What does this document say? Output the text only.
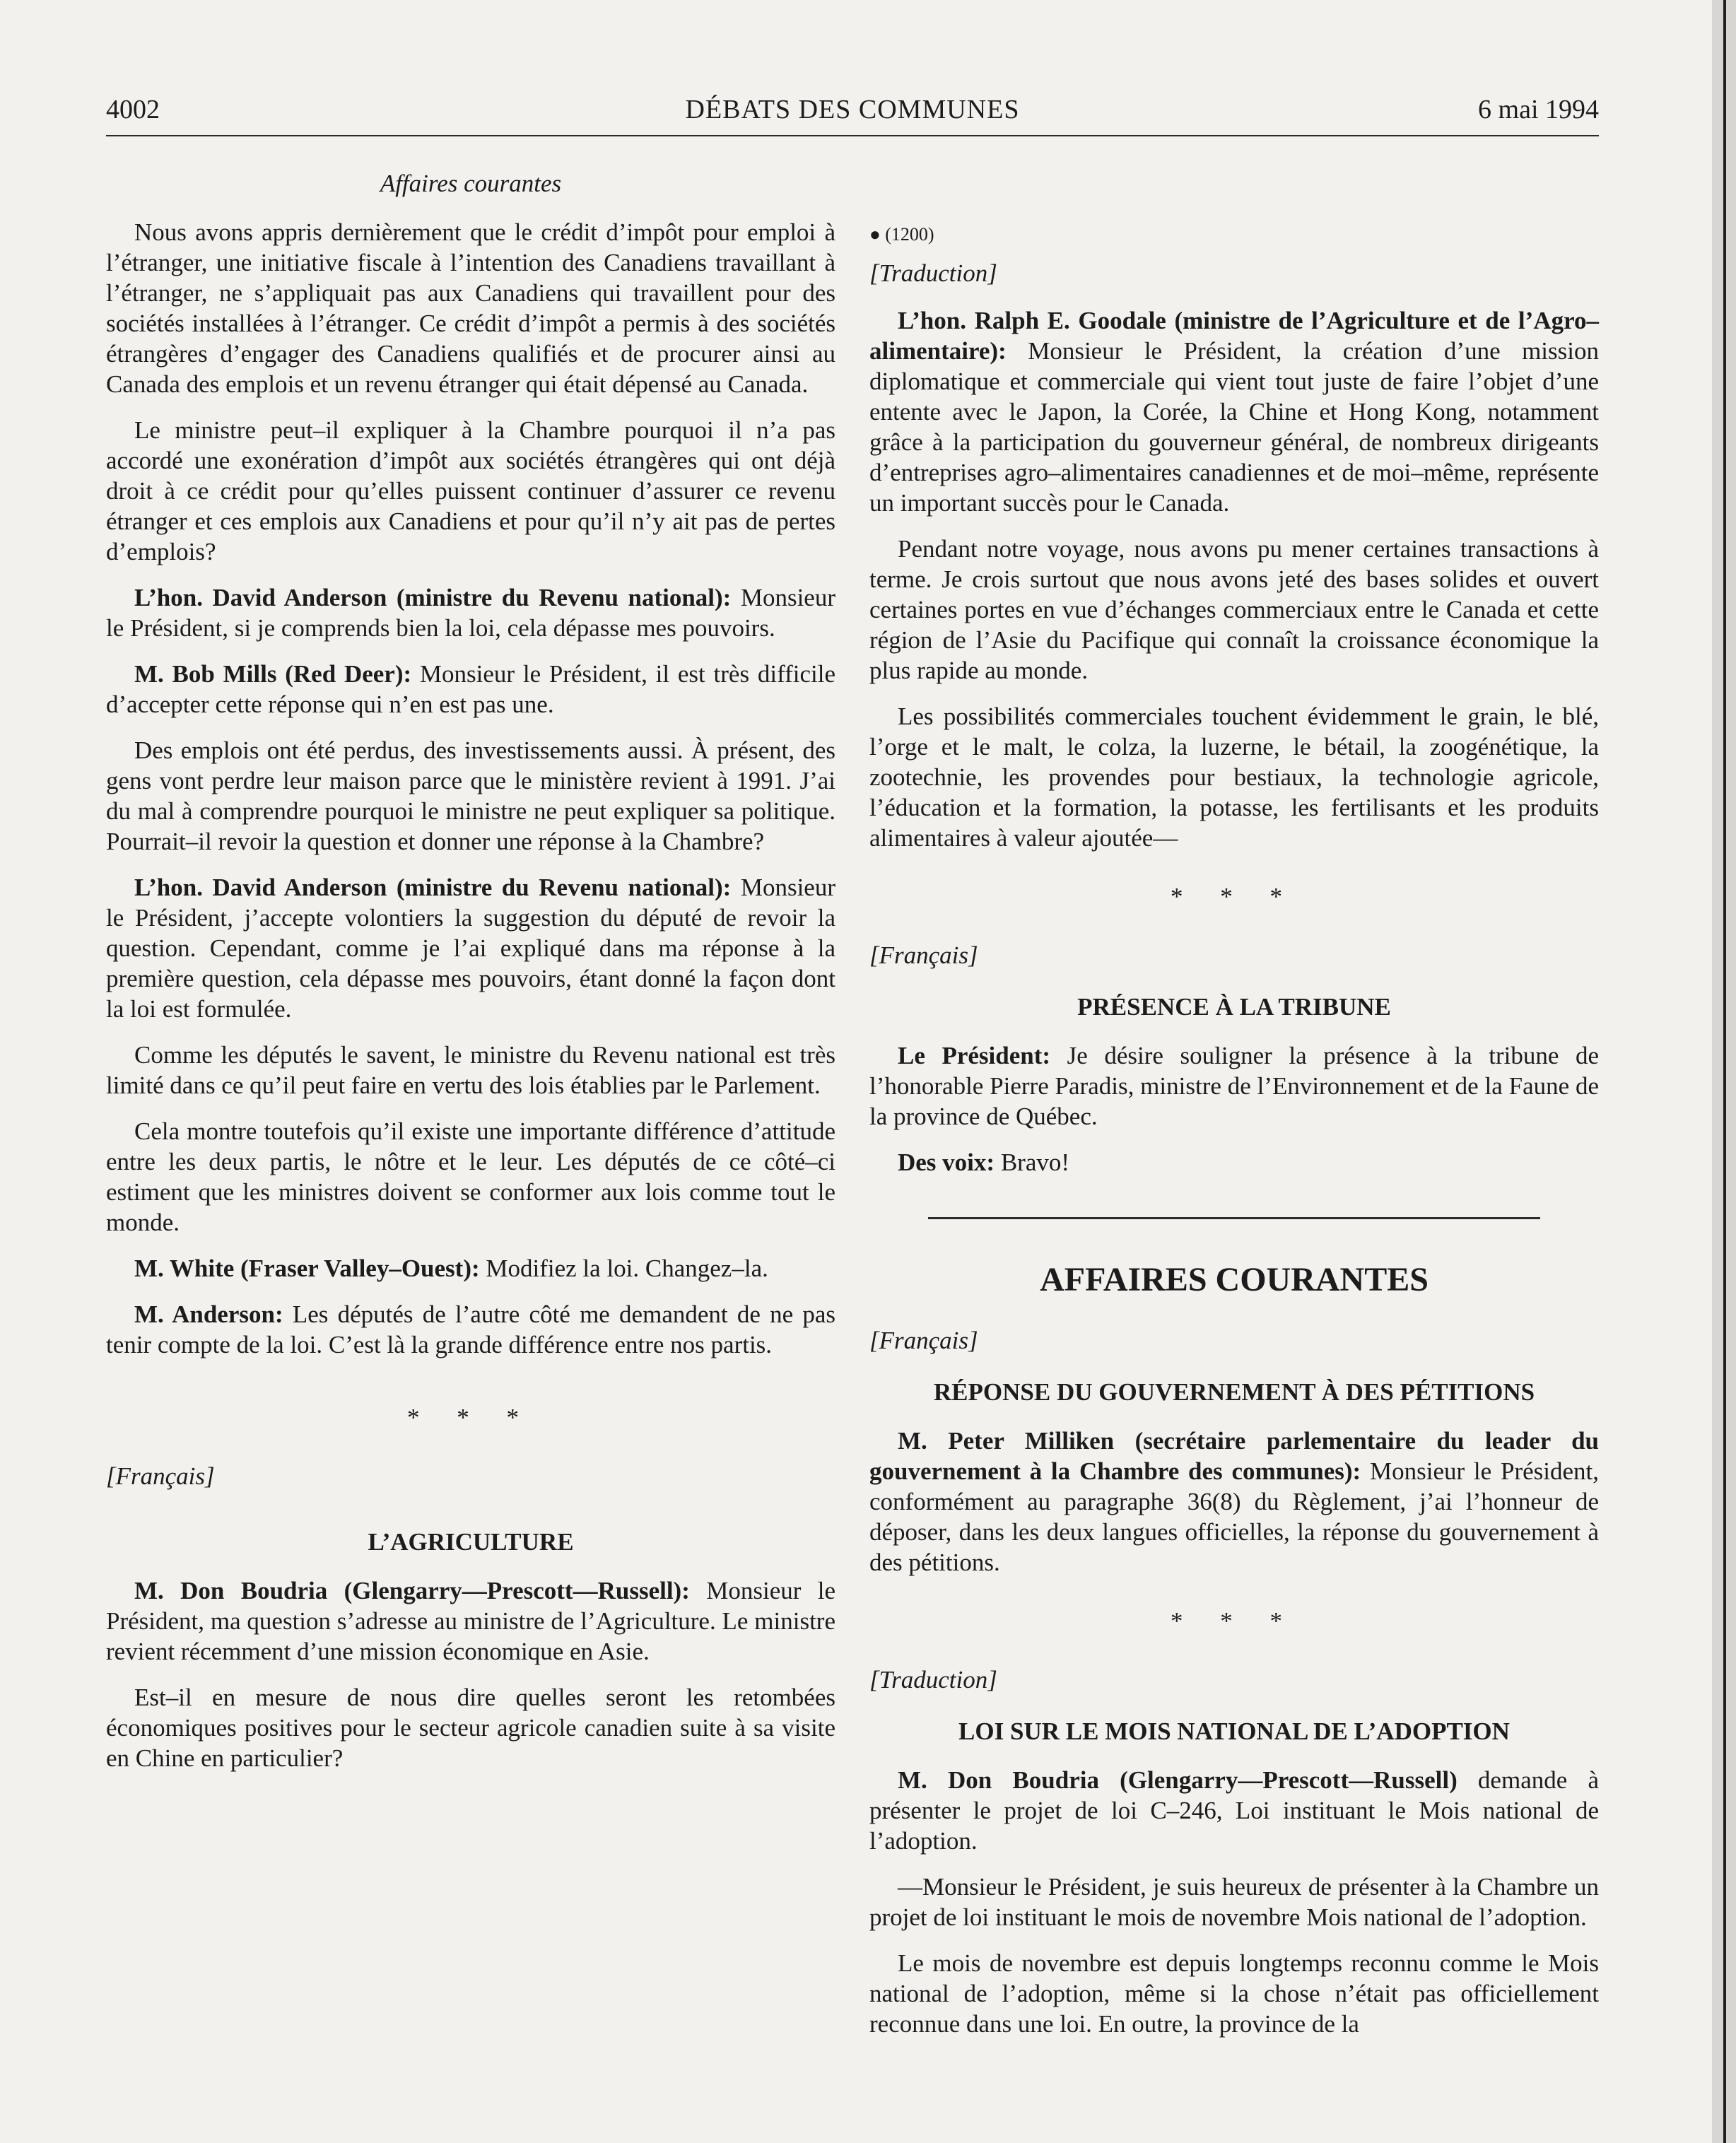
4002	DÉBATS DES COMMUNES	6 mai 1994
Affaires courantes

Nous avons appris dernièrement que le crédit d’impôt pour emploi à l’étranger, une initiative fiscale à l’intention des Canadiens travaillant à l’étranger, ne s’appliquait pas aux Canadiens qui travaillent pour des sociétés installées à l’étranger. Ce crédit d’impôt a permis à des sociétés étrangères d’engager des Canadiens qualifiés et de procurer ainsi au Canada des emplois et un revenu étranger qui était dépensé au Canada.

Le ministre peut–il expliquer à la Chambre pourquoi il n’a pas accordé une exonération d’impôt aux sociétés étrangères qui ont déjà droit à ce crédit pour qu’elles puissent continuer d’assurer ce revenu étranger et ces emplois aux Canadiens et pour qu’il n’y ait pas de pertes d’emplois?

L’hon. David Anderson (ministre du Revenu national): Monsieur le Président, si je comprends bien la loi, cela dépasse mes pouvoirs.

M. Bob Mills (Red Deer): Monsieur le Président, il est très difficile d’accepter cette réponse qui n’en est pas une.

Des emplois ont été perdus, des investissements aussi. À présent, des gens vont perdre leur maison parce que le ministère revient à 1991. J’ai du mal à comprendre pourquoi le ministre ne peut expliquer sa politique. Pourrait–il revoir la question et donner une réponse à la Chambre?

L’hon. David Anderson (ministre du Revenu national): Monsieur le Président, j’accepte volontiers la suggestion du député de revoir la question. Cependant, comme je l’ai expliqué dans ma réponse à la première question, cela dépasse mes pouvoirs, étant donné la façon dont la loi est formulée.

Comme les députés le savent, le ministre du Revenu national est très limité dans ce qu’il peut faire en vertu des lois établies par le Parlement.

Cela montre toutefois qu’il existe une importante différence d’attitude entre les deux partis, le nôtre et le leur. Les députés de ce côté–ci estiment que les ministres doivent se conformer aux lois comme tout le monde.

M. White (Fraser Valley–Ouest): Modifiez la loi. Changez–la.

M. Anderson: Les députés de l’autre côté me demandent de ne pas tenir compte de la loi. C’est là la grande différence entre nos partis.

* * *
[Français]
L’AGRICULTURE

M. Don Boudria (Glengarry—Prescott—Russell): Monsieur le Président, ma question s’adresse au ministre de l’Agriculture. Le ministre revient récemment d’une mission économique en Asie.

Est–il en mesure de nous dire quelles seront les retombées économiques positives pour le secteur agricole canadien suite à sa visite en Chine en particulier?

● (1200)
[Traduction]

L’hon. Ralph E. Goodale (ministre de l’Agriculture et de l’Agro–alimentaire): Monsieur le Président, la création d’une mission diplomatique et commerciale qui vient tout juste de faire l’objet d’une entente avec le Japon, la Corée, la Chine et Hong Kong, notamment grâce à la participation du gouverneur général, de nombreux dirigeants d’entreprises agro–alimentaires canadiennes et de moi–même, représente un important succès pour le Canada.

Pendant notre voyage, nous avons pu mener certaines transactions à terme. Je crois surtout que nous avons jeté des bases solides et ouvert certaines portes en vue d’échanges commerciaux entre le Canada et cette région de l’Asie du Pacifique qui connaît la croissance économique la plus rapide au monde.

Les possibilités commerciales touchent évidemment le grain, le blé, l’orge et le malt, le colza, la luzerne, le bétail, la zoogénétique, la zootechnie, les provendes pour bestiaux, la technologie agricole, l’éducation et la formation, la potasse, les fertilisants et les produits alimentaires à valeur ajoutée—

* * *
[Français]
PRÉSENCE À LA TRIBUNE

Le Président: Je désire souligner la présence à la tribune de l’honorable Pierre Paradis, ministre de l’Environnement et de la Faune de la province de Québec.

Des voix: Bravo!

AFFAIRES COURANTES
[Français]
RÉPONSE DU GOUVERNEMENT À DES PÉTITIONS

M. Peter Milliken (secrétaire parlementaire du leader du gouvernement à la Chambre des communes): Monsieur le Président, conformément au paragraphe 36(8) du Règlement, j’ai l’honneur de déposer, dans les deux langues officielles, la réponse du gouvernement à des pétitions.

* * *
[Traduction]
LOI SUR LE MOIS NATIONAL DE L’ADOPTION

M. Don Boudria (Glengarry—Prescott—Russell) demande à présenter le projet de loi C–246, Loi instituant le Mois national de l’adoption.

—Monsieur le Président, je suis heureux de présenter à la Chambre un projet de loi instituant le mois de novembre Mois national de l’adoption.

Le mois de novembre est depuis longtemps reconnu comme le Mois national de l’adoption, même si la chose n’était pas officiellement reconnue dans une loi. En outre, la province de la
